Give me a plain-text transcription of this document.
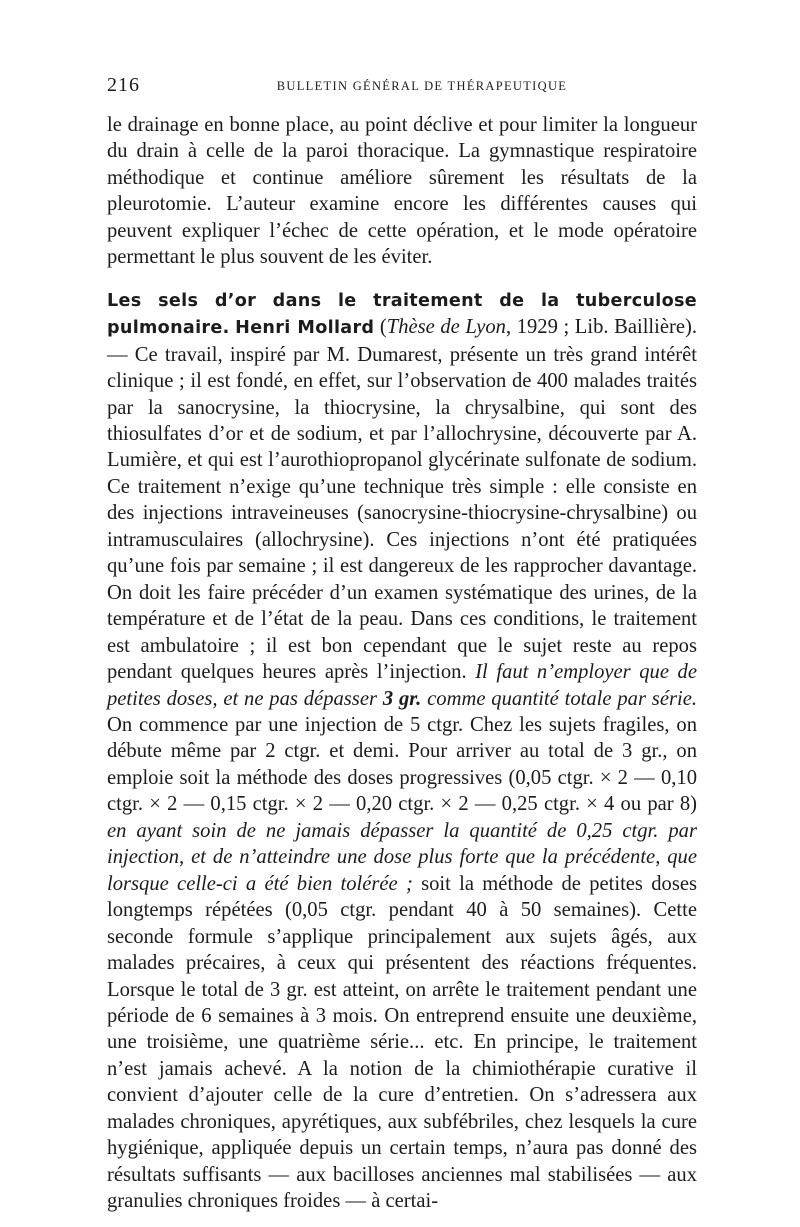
216	BULLETIN GÉNÉRAL DE THÉRAPEUTIQUE

le drainage en bonne place, au point déclive et pour limiter la longueur du drain à celle de la paroi thoracique. La gymnastique respiratoire méthodique et continue améliore sûrement les résultats de la pleurotomie. L’auteur examine encore les différentes causes qui peuvent expliquer l’échec de cette opération, et le mode opératoire permettant le plus souvent de les éviter.

Les sels d’or dans le traitement de la tuberculose pulmonaire. Henri Mollard (Thèse de Lyon, 1929 ; Lib. Baillière). — Ce travail, inspiré par M. Dumarest, présente un très grand intérêt clinique ; il est fondé, en effet, sur l’observation de 400 malades traités par la sanocrysine, la thiocrysine, la chrysalbine, qui sont des thiosulfates d’or et de sodium, et par l’allochrysine, découverte par A. Lumière, et qui est l’aurothiopropanol glycérinate sulfonate de sodium. Ce traitement n’exige qu’une technique très simple : elle consiste en des injections intraveineuses (sanocrysine-thiocrysine-chrysalbine) ou intramusculaires (allochrysine). Ces injections n’ont été pratiquées qu’une fois par semaine ; il est dangereux de les rapprocher davantage. On doit les faire précéder d’un examen systématique des urines, de la température et de l’état de la peau. Dans ces conditions, le traitement est ambulatoire ; il est bon cependant que le sujet reste au repos pendant quelques heures après l’injection. Il faut n’employer que de petites doses, et ne pas dépasser 3 gr. comme quantité totale par série. On commence par une injection de 5 ctgr. Chez les sujets fragiles, on débute même par 2 ctgr. et demi. Pour arriver au total de 3 gr., on emploie soit la méthode des doses progressives (0,05 ctgr. × 2 — 0,10 ctgr. × 2 — 0,15 ctgr. × 2 — 0,20 ctgr. × 2 — 0,25 ctgr. × 4 ou par 8) en ayant soin de ne jamais dépasser la quantité de 0,25 ctgr. par injection, et de n’atteindre une dose plus forte que la précédente, que lorsque celle-ci a été bien tolérée ; soit la méthode de petites doses longtemps répétées (0,05 ctgr. pendant 40 à 50 semaines). Cette seconde formule s’applique principalement aux sujets âgés, aux malades précaires, à ceux qui présentent des réactions fréquentes. Lorsque le total de 3 gr. est atteint, on arrête le traitement pendant une période de 6 semaines à 3 mois. On entreprend ensuite une deuxième, une troisième, une quatrième série... etc. En principe, le traitement n’est jamais achevé. A la notion de la chimiothérapie curative il convient d’ajouter celle de la cure d’entretien. On s’adressera aux malades chroniques, apyrétiques, aux subfébriles, chez lesquels la cure hygiénique, appliquée depuis un certain temps, n’aura pas donné des résultats suffisants — aux bacilloses anciennes mal stabilisées — aux granulies chroniques froides — à certai-
